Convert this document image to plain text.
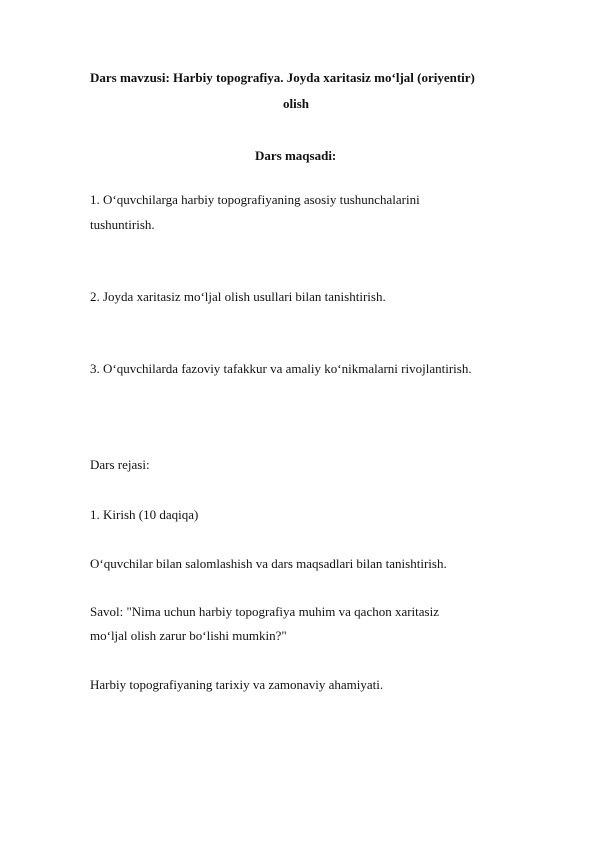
Dars mavzusi: Harbiy topografiya. Joyda xaritasiz mo‘ljal (oriyentir)

olish

Dars maqsadi:

1. O‘quvchilarga harbiy topografiyaning asosiy tushunchalarini

tushuntirish.

2. Joyda xaritasiz mo‘ljal olish usullari bilan tanishtirish.

3. O‘quvchilarda fazoviy tafakkur va amaliy ko‘nikmalarni rivojlantirish.

Dars rejasi:

1. Kirish (10 daqiqa)

O‘quvchilar bilan salomlashish va dars maqsadlari bilan tanishtirish.

Savol: "Nima uchun harbiy topografiya muhim va qachon xaritasiz

mo‘ljal olish zarur bo‘lishi mumkin?"

Harbiy topografiyaning tarixiy va zamonaviy ahamiyati.
